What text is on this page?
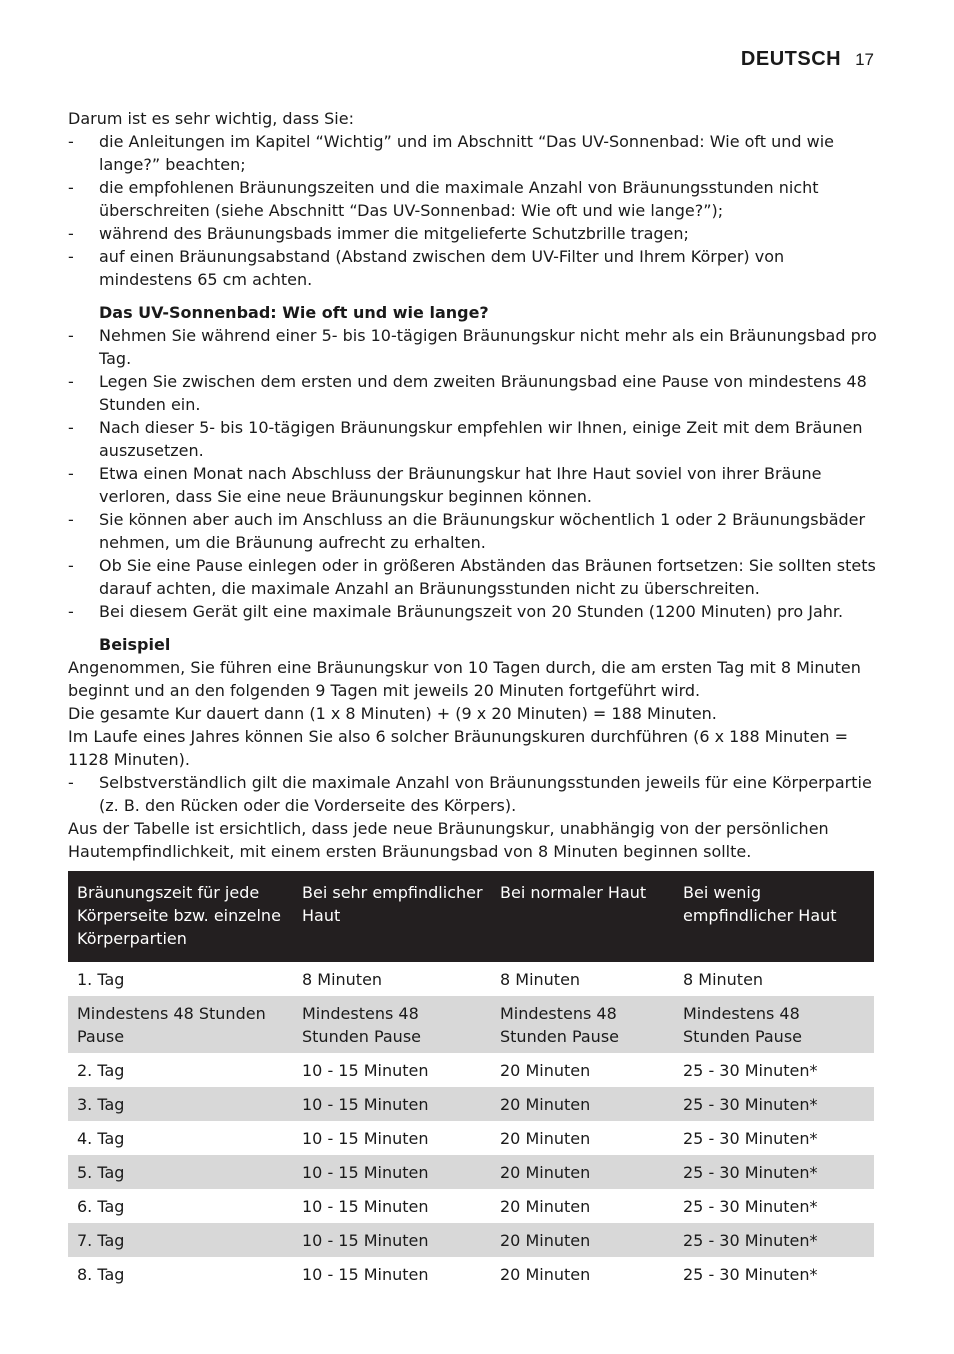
DEUTSCH 17

Darum ist es sehr wichtig, dass Sie:

- die Anleitungen im Kapitel “Wichtig” und im Abschnitt “Das UV-Sonnenbad: Wie oft und wie lange?” beachten;
- die empfohlenen Bräunungszeiten und die maximale Anzahl von Bräunungsstunden nicht überschreiten (siehe Abschnitt “Das UV-Sonnenbad: Wie oft und wie lange?”);
- während des Bräunungsbads immer die mitgelieferte Schutzbrille tragen;
- auf einen Bräunungsabstand (Abstand zwischen dem UV-Filter und Ihrem Körper) von mindestens 65 cm achten.
Das UV-Sonnenbad: Wie oft und wie lange?
- Nehmen Sie während einer 5- bis 10-tägigen Bräunungskur nicht mehr als ein Bräunungsbad pro Tag.
- Legen Sie zwischen dem ersten und dem zweiten Bräunungsbad eine Pause von mindestens 48 Stunden ein.
- Nach dieser 5- bis 10-tägigen Bräunungskur empfehlen wir Ihnen, einige Zeit mit dem Bräunen auszusetzen.
- Etwa einen Monat nach Abschluss der Bräunungskur hat Ihre Haut soviel von ihrer Bräune verloren, dass Sie eine neue Bräunungskur beginnen können.
- Sie können aber auch im Anschluss an die Bräunungskur wöchentlich 1 oder 2 Bräunungsbäder nehmen, um die Bräunung aufrecht zu erhalten.
- Ob Sie eine Pause einlegen oder in größeren Abständen das Bräunen fortsetzen: Sie sollten stets darauf achten, die maximale Anzahl an Bräunungsstunden nicht zu überschreiten.
- Bei diesem Gerät gilt eine maximale Bräunungszeit von 20 Stunden (1200 Minuten) pro Jahr.
Beispiel

Angenommen, Sie führen eine Bräunungskur von 10 Tagen durch, die am ersten Tag mit 8 Minuten beginnt und an den folgenden 9 Tagen mit jeweils 20 Minuten fortgeführt wird.

Die gesamte Kur dauert dann (1 x 8 Minuten) + (9 x 20 Minuten) = 188 Minuten.

Im Laufe eines Jahres können Sie also 6 solcher Bräunungskuren durchführen (6 x 188 Minuten = 1128 Minuten).

- Selbstverständlich gilt die maximale Anzahl von Bräunungsstunden jeweils für eine Körperpartie (z. B. den Rücken oder die Vorderseite des Körpers).

Aus der Tabelle ist ersichtlich, dass jede neue Bräunungskur, unabhängig von der persönlichen Hautempfindlichkeit, mit einem ersten Bräunungsbad von 8 Minuten beginnen sollte.

Bräunungszeit für jede Körperseite bzw. einzelne Körperpartien	Bei sehr empfindlicher Haut	Bei normaler Haut	Bei wenig empfindlicher Haut
1. Tag	8 Minuten	8 Minuten	8 Minuten
Mindestens 48 Stunden Pause	Mindestens 48 Stunden Pause	Mindestens 48 Stunden Pause	Mindestens 48 Stunden Pause
2. Tag	10 - 15 Minuten	20 Minuten	25 - 30 Minuten*
3. Tag	10 - 15 Minuten	20 Minuten	25 - 30 Minuten*
4. Tag	10 - 15 Minuten	20 Minuten	25 - 30 Minuten*
5. Tag	10 - 15 Minuten	20 Minuten	25 - 30 Minuten*
6. Tag	10 - 15 Minuten	20 Minuten	25 - 30 Minuten*
7. Tag	10 - 15 Minuten	20 Minuten	25 - 30 Minuten*
8. Tag	10 - 15 Minuten	20 Minuten	25 - 30 Minuten*
